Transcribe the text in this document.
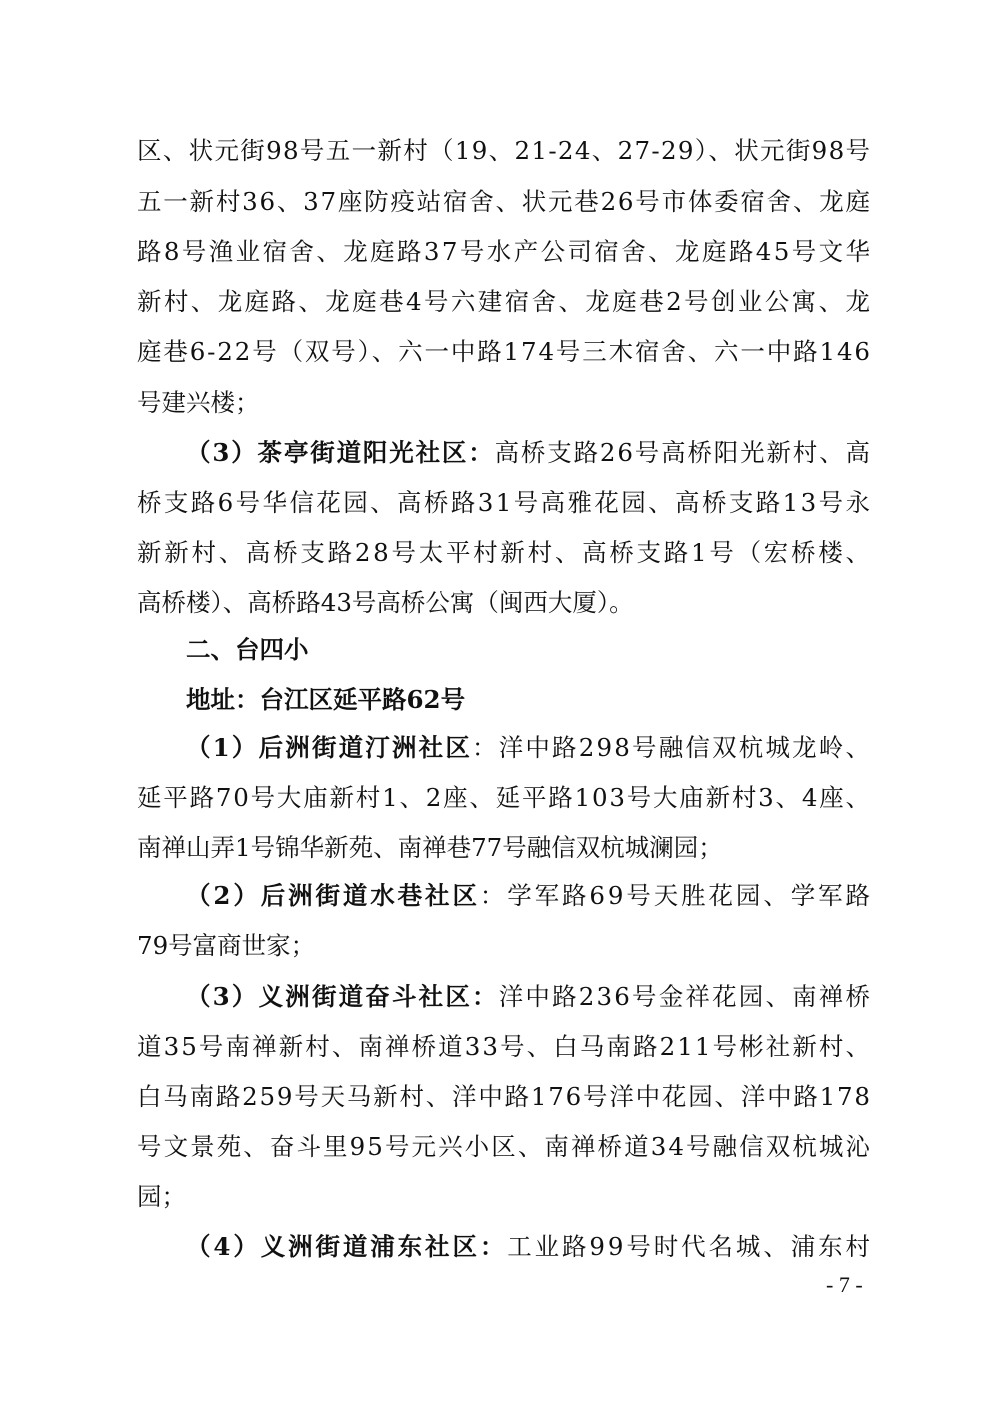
区、状元街98号五一新村（19、21-24、27-29）、状元街98号
五一新村36、37座防疫站宿舍、状元巷26号市体委宿舍、龙庭
路8号渔业宿舍、龙庭路37号水产公司宿舍、龙庭路45号文华
新村、龙庭路、龙庭巷4号六建宿舍、龙庭巷2号创业公寓、龙
庭巷6-22号（双号）、六一中路174号三木宿舍、六一中路146
号建兴楼；
（3）茶亭街道阳光社区： 高桥支路26号高桥阳光新村、高
桥支路6号华信花园、高桥路31号高雅花园、高桥支路13号永
新新村、高桥支路28号太平村新村、高桥支路1号（宏桥楼、
高桥楼）、高桥路43号高桥公寓（闽西大厦）。
二、台四小
地址：台江区延平路62号
（1）后洲街道汀洲社区 ：洋中路298号融信双杭城龙岭、
延平路70号大庙新村1、2座、延平路103号大庙新村3、4座、
南禅山弄1号锦华新苑、南禅巷77号融信双杭城澜园；
（2）后洲街道水巷社区 ：学军路69号天胜花园、学军路
79号富商世家；
（3）义洲街道奋斗社区： 洋中路236号金祥花园、南禅桥
道35号南禅新村、南禅桥道33号、白马南路211号彬社新村、
白马南路259号天马新村、洋中路176号洋中花园、洋中路178
号文景苑、奋斗里95号元兴小区、南禅桥道34号融信双杭城沁
园；
（4）义洲街道浦东社区： 工业路99号时代名城、浦东村
- 7 -
